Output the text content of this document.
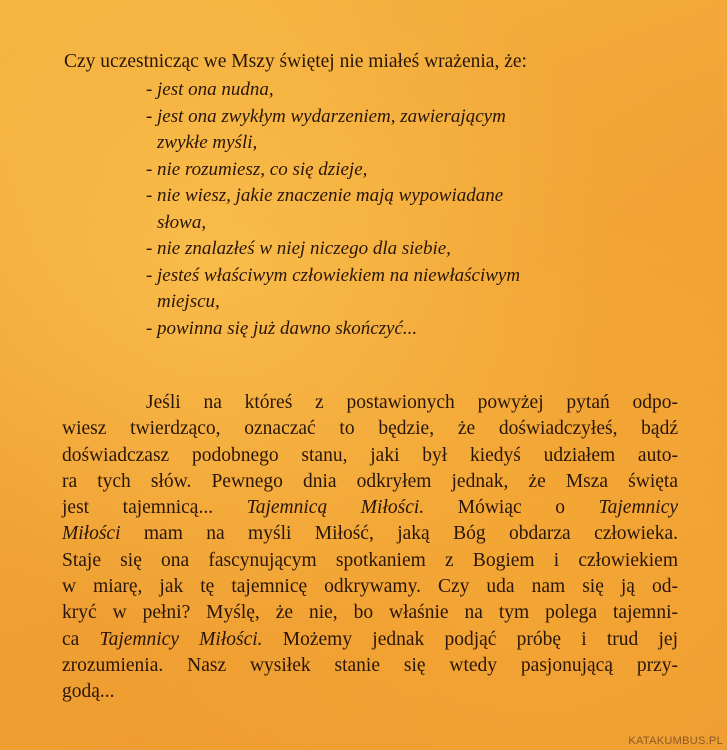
Czy uczestnicząc we Mszy świętej nie miałeś wrażenia, że:
-jest ona nudna,
-jest ona zwykłym wydarzeniem, zawierającym
zwykłe myśli,
-nie rozumiesz, co się dzieje,
-nie wiesz, jakie znaczenie mają wypowiadane
słowa,
-nie znalazłeś w niej niczego dla siebie,
-jesteś właściwym człowiekiem na niewłaściwym
miejscu,
-powinna się już dawno skończyć...
Jeśli na któreś z postawionych powyżej pytań odpo-
wiesz twierdząco, oznaczać to będzie, że doświadczyłeś, bądź
doświadczasz podobnego stanu, jaki był kiedyś udziałem auto-
ra tych słów. Pewnego dnia odkryłem jednak, że Msza święta
jest tajemnicą... Tajemnicą Miłości. Mówiąc o Tajemnicy
Miłości mam na myśli Miłość, jaką Bóg obdarza człowieka.
Staje się ona fascynującym spotkaniem z Bogiem i człowiekiem
w miarę, jak tę tajemnicę odkrywamy. Czy uda nam się ją od-
kryć w pełni? Myślę, że nie, bo właśnie na tym polega tajemni-
ca Tajemnicy Miłości. Możemy jednak podjąć próbę i trud jej
zrozumienia. Nasz wysiłek stanie się wtedy pasjonującą przy-
godą...
KATAKUMBUS.PL
